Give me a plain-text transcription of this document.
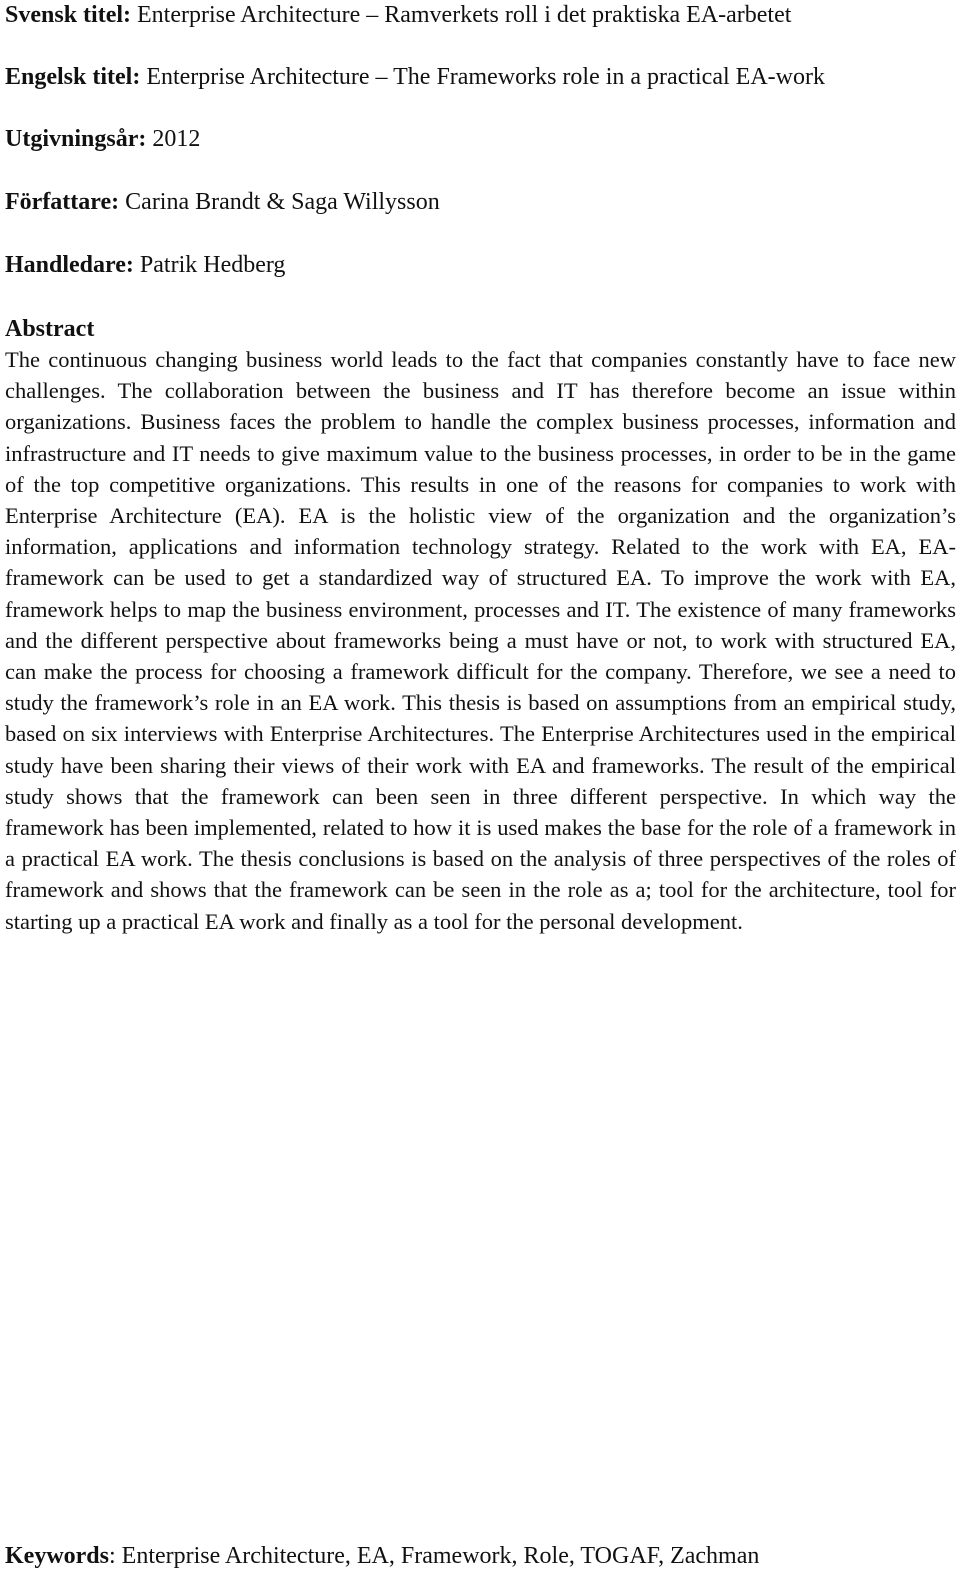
Svensk titel: Enterprise Architecture – Ramverkets roll i det praktiska EA-arbetet
Engelsk titel: Enterprise Architecture – The Frameworks role in a practical EA-work
Utgivningsår: 2012
Författare: Carina Brandt & Saga Willysson
Handledare: Patrik Hedberg
Abstract
The continuous changing business world leads to the fact that companies constantly have to face new challenges. The collaboration between the business and IT has therefore become an issue within organizations. Business faces the problem to handle the complex business processes, information and infrastructure and IT needs to give maximum value to the business processes, in order to be in the game of the top competitive organizations. This results in one of the reasons for companies to work with Enterprise Architecture (EA). EA is the holistic view of the organization and the organization’s information, applications and information technology strategy. Related to the work with EA, EA-framework can be used to get a standardized way of structured EA. To improve the work with EA, framework helps to map the business environment, processes and IT. The existence of many frameworks and the different perspective about frameworks being a must have or not, to work with structured EA, can make the process for choosing a framework difficult for the company. Therefore, we see a need to study the framework’s role in an EA work. This thesis is based on assumptions from an empirical study, based on six interviews with Enterprise Architectures. The Enterprise Architectures used in the empirical study have been sharing their views of their work with EA and frameworks. The result of the empirical study shows that the framework can been seen in three different perspective. In which way the framework has been implemented, related to how it is used makes the base for the role of a framework in a practical EA work. The thesis conclusions is based on the analysis of three perspectives of the roles of framework and shows that the framework can be seen in the role as a; tool for the architecture, tool for starting up a practical EA work and finally as a tool for the personal development.
Keywords: Enterprise Architecture, EA, Framework, Role, TOGAF, Zachman
